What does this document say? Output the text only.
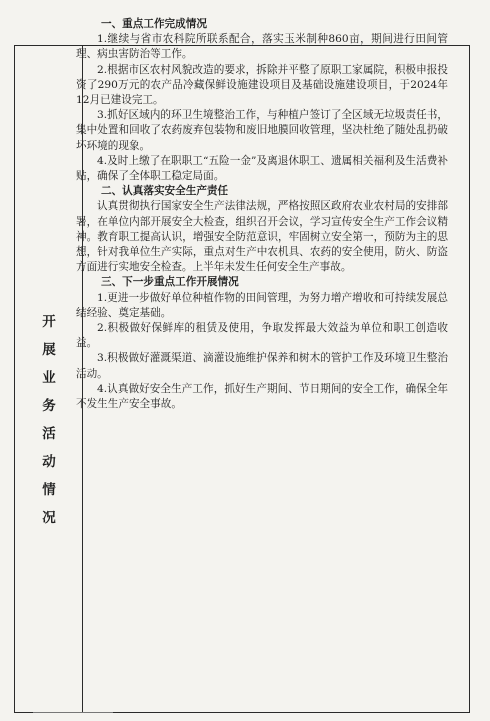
开
展
业
务
活
动
情
况

一、重点工作完成情况

1.继续与省市农科院所联系配合，落实玉米制种860亩，期间进行田间管理、病虫害防治等工作。

2.根据市区农村风貌改造的要求，拆除并平整了原职工家属院，积极申报投资了290万元的农产品冷藏保鲜设施建设项目及基础设施建设项目，于2024年12月已建设完工。

3.抓好区域内的环卫生境整治工作，与种植户签订了全区域无垃圾责任书，集中处置和回收了农药废弃包装物和废旧地膜回收管理，坚决杜绝了随处乱扔破坏环境的现象。

4.及时上缴了在职职工“五险一金”及离退休职工、遗属相关福利及生活费补贴，确保了全体职工稳定局面。

二、认真落实安全生产责任

认真贯彻执行国家安全生产法律法规，严格按照区政府农业农村局的安排部署，在单位内部开展安全大检查，组织召开会议，学习宣传安全生产工作会议精神。教育职工提高认识，增强安全防范意识，牢固树立安全第一，预防为主的思想，针对我单位生产实际，重点对生产中农机具、农药的安全使用，防火、防盗方面进行实地安全检查。上半年未发生任何安全生产事故。

三、下一步重点工作开展情况

1.更进一步做好单位种植作物的田间管理，为努力增产增收和可持续发展总结经验、奠定基础。

2.积极做好保鲜库的租赁及使用，争取发挥最大效益为单位和职工创造收益。

3.积极做好灌溉渠道、滴灌设施维护保养和树木的管护工作及环境卫生整治活动。

4.认真做好安全生产工作，抓好生产期间、节日期间的安全工作，确保全年不发生生产安全事故。
